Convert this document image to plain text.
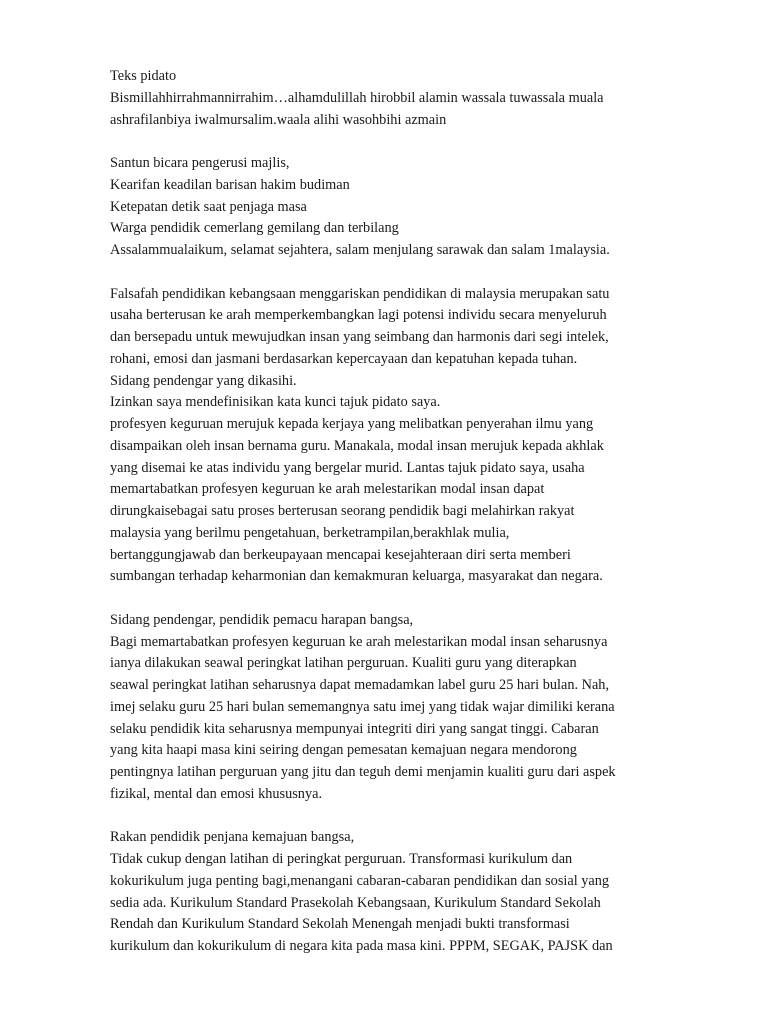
Teks pidato
Bismillahhirrahmannirrahim…alhamdulillah hirobbil alamin wassala tuwassala muala
ashrafilanbiya iwalmursalim.waala alihi wasohbihi azmain
Santun bicara pengerusi majlis,
Kearifan keadilan barisan hakim budiman
Ketepatan detik saat penjaga masa
Warga pendidik cemerlang gemilang dan terbilang
Assalammualaikum, selamat sejahtera, salam menjulang sarawak dan salam 1malaysia.
Falsafah pendidikan kebangsaan menggariskan pendidikan di malaysia merupakan satu
usaha berterusan ke arah memperkembangkan lagi potensi individu secara menyeluruh
dan bersepadu untuk mewujudkan insan yang seimbang dan harmonis dari segi intelek,
rohani, emosi dan jasmani berdasarkan kepercayaan dan kepatuhan kepada tuhan.
Sidang pendengar yang dikasihi.
Izinkan saya mendefinisikan kata kunci tajuk pidato saya.
profesyen keguruan merujuk kepada kerjaya yang melibatkan penyerahan ilmu yang
disampaikan oleh insan bernama guru. Manakala, modal insan merujuk kepada akhlak
yang disemai ke atas individu yang bergelar murid. Lantas tajuk pidato saya, usaha
memartabatkan profesyen keguruan ke arah melestarikan modal insan dapat
dirungkaisebagai satu proses berterusan seorang pendidik bagi melahirkan rakyat
malaysia yang berilmu pengetahuan, berketrampilan,berakhlak mulia,
bertanggungjawab dan berkeupayaan mencapai kesejahteraan diri serta memberi
sumbangan terhadap keharmonian dan kemakmuran keluarga, masyarakat dan negara.
Sidang pendengar, pendidik pemacu harapan bangsa,
Bagi memartabatkan profesyen keguruan ke arah melestarikan modal insan seharusnya
ianya dilakukan seawal peringkat latihan perguruan. Kualiti guru yang diterapkan
seawal peringkat latihan seharusnya dapat memadamkan label guru 25 hari bulan. Nah,
imej selaku guru 25 hari bulan sememangnya satu imej yang tidak wajar dimiliki kerana
selaku pendidik kita seharusnya mempunyai integriti diri yang sangat tinggi. Cabaran
yang kita haapi masa kini seiring dengan pemesatan kemajuan negara mendorong
pentingnya latihan perguruan yang jitu dan teguh demi menjamin kualiti guru dari aspek
fizikal, mental dan emosi khususnya.
Rakan pendidik penjana kemajuan bangsa,
Tidak cukup dengan latihan di peringkat perguruan. Transformasi kurikulum dan
kokurikulum juga penting bagi,menangani cabaran-cabaran pendidikan dan sosial yang
sedia ada. Kurikulum Standard Prasekolah Kebangsaan, Kurikulum Standard Sekolah
Rendah dan Kurikulum Standard Sekolah Menengah menjadi bukti transformasi
kurikulum dan kokurikulum di negara kita pada masa kini. PPPM, SEGAK, PAJSK dan
